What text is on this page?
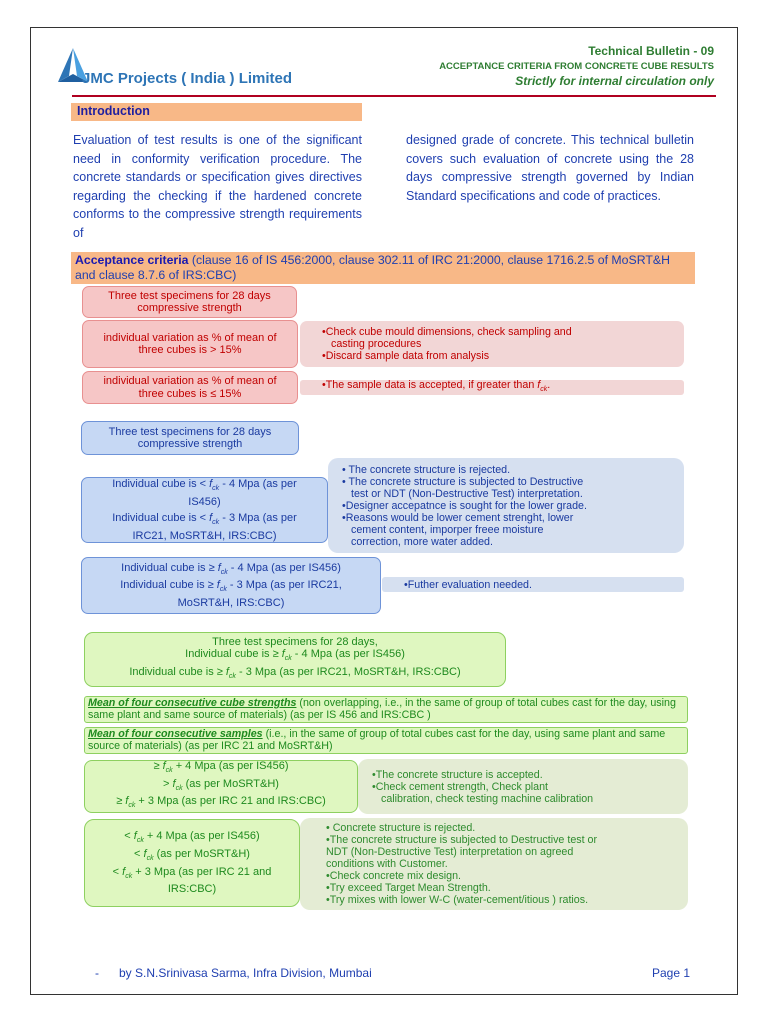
JMC Projects ( India ) Limited
Technical Bulletin - 09
ACCEPTANCE CRITERIA FROM CONCRETE CUBE RESULTS
Strictly for internal circulation only
Introduction
Evaluation of test results is one of the significant need in conformity verification procedure. The concrete standards or specification gives directives regarding the checking if the hardened concrete conforms to the compressive strength requirements of
designed grade of concrete. This technical bulletin covers such evaluation of concrete using the 28 days compressive strength governed by Indian Standard specifications and code of practices.

Acceptance criteria (clause 16 of IS 456:2000, clause 302.11 of IRC 21:2000, clause 1716.2.5 of MoSRT&H and clause 8.7.6 of IRS:CBC)

Three test specimens for 28 days

compressive strength

•Check cube mould dimensions, check sampling and

casting procedures

•Discard sample data from analysis

individual variation as % of mean of

three cubes is > 15%

•The sample data is accepted, if greater than $f_{ck}$.

individual variation as % of mean of

three cubes is ≤ 15%

Three test specimens for 28 days

compressive strength

• The concrete structure is rejected.

• The concrete structure is subjected to Destructive

test or NDT (Non-Destructive Test) interpretation.

•Designer accepatnce is sought for the lower grade.

•Reasons would be lower cement strenght, lower

cement content, imporper freee moisture

correction, more water added.

Individual cube is < $f_{ck} - 4$ Mpa (as per

IS456)

Individual cube is < $f_{ck} - 3$ Mpa (as per

IRC21, MoSRT&H, IRS:CBC)

•Futher evaluation needed.

Individual cube is ≥ $f_{ck} - 4$ Mpa (as per IS456)

Individual cube is ≥ $f_{ck} - 3$ Mpa (as per IRC21,

MoSRT&H, IRS:CBC)

Three test specimens for 28 days,

Individual cube is ≥ $f_{ck} - 4$ Mpa (as per IS456)

Individual cube is ≥ $f_{ck} - 3$ Mpa (as per IRC21, MoSRT&H, IRS:CBC)

Mean of four consecutive cube strengths (non overlapping, i.e., in the same of group of total cubes cast for the day, using same plant and same source of materials) (as per IS 456 and IRS:CBC )

Mean of four consecutive samples (i.e., in the same of group of total cubes cast for the day, using same plant and same source of materials) (as per IRC 21 and MoSRT&H)

•The concrete structure is accepted.

•Check cement strength, Check plant

calibration, check testing machine calibration

≥ $f_{ck} + 4$ Mpa (as per IS456)

> $f_{ck}$ (as per MoSRT&H)

≥ $f_{ck} + 3$ Mpa (as per IRC 21 and IRS:CBC)

• Concrete structure is rejected.

•The concrete structure is subjected to Destructive test or

NDT (Non-Destructive Test) interpretation on agreed

conditions with Customer.

•Check concrete mix design.

•Try exceed Target Mean Strength.

•Try mixes with lower W-C (water-cement/itious ) ratios.

< $f_{ck} + 4$ Mpa (as per IS456)

< $f_{ck}$ (as per MoSRT&H)

< $f_{ck} + 3$ Mpa (as per IRC 21 and

IRS:CBC)

-      by S.N.Srinivasa Sarma, Infra Division, Mumbai	Page 1
